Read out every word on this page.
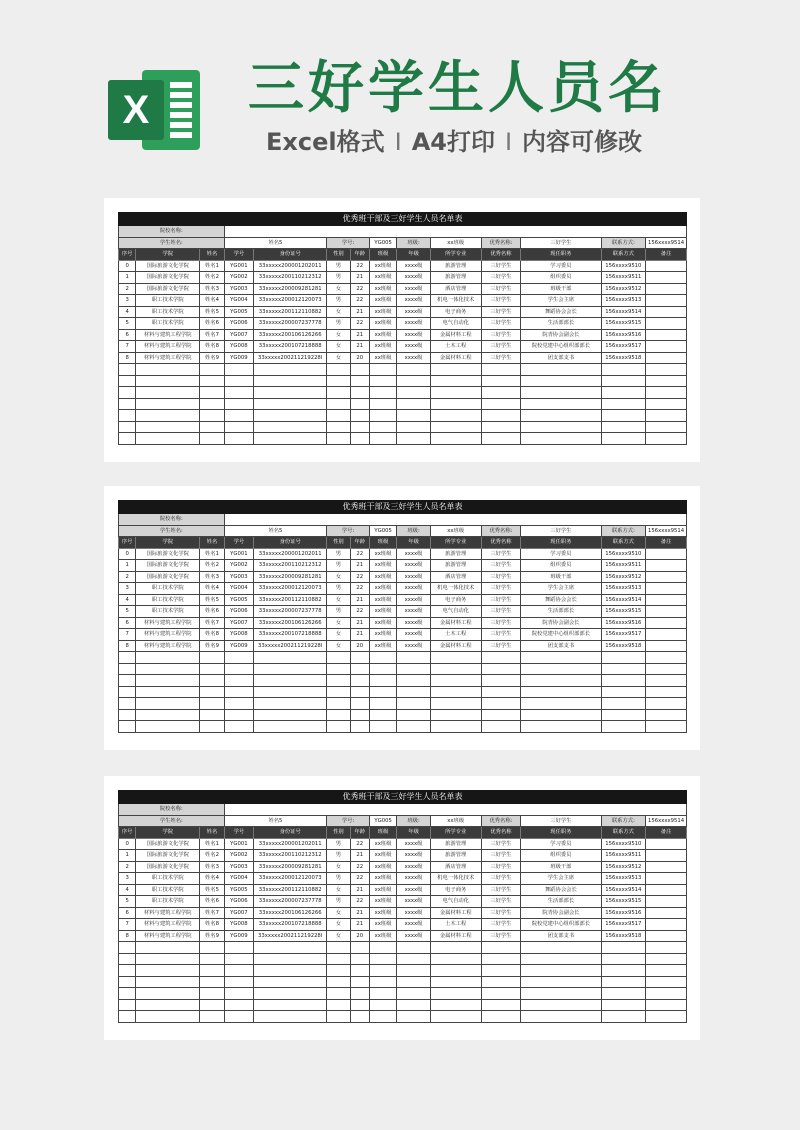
X 三好学生人员名
Excel格式 I A4打印 I 内容可修改
优秀班干部及三好学生人员名单表													
院校名称:													
学生姓名:			姓名5		学号:		YG005	班级:	xx班级	优秀名称:	三好学生	联系方式:	156xxxx9514
序号	学院	姓名	学号	身份证号	性别	年龄	班级	年级	所学专业	优秀名称	现任职务	联系方式	备注
0	国际旅游文化学院	姓名1	YG001	33xxxxx200001202011	男	22	xx班级	xxxx级	旅游管理	三好学生	学习委员	156xxxx9510	
1	国际旅游文化学院	姓名2	YG002	33xxxxx200110212312	男	21	xx班级	xxxx级	旅游管理	三好学生	组织委员	156xxxx9511	
2	国际旅游文化学院	姓名3	YG003	33xxxxx200009281281	女	22	xx班级	xxxx级	酒店管理	三好学生	班级干部	156xxxx9512	
3	职工技术学院	姓名4	YG004	33xxxxx200012120073	男	22	xx班级	xxxx级	机电一体化技术	三好学生	学生会主席	156xxxx9513	
4	职工技术学院	姓名5	YG005	33xxxxx200112110882	女	21	xx班级	xxxx级	电子商务	三好学生	舞蹈协会会长	156xxxx9514	
5	职工技术学院	姓名6	YG006	33xxxxx200007237778	男	22	xx班级	xxxx级	电气自动化	三好学生	生活部部长	156xxxx9515	
6	材料与建筑工程学院	姓名7	YG007	33xxxxx200106126266	女	21	xx班级	xxxx级	金属材料工程	三好学生	院青协会副会长	156xxxx9516	
7	材料与建筑工程学院	姓名8	YG008	33xxxxx200107218888	女	21	xx班级	xxxx级	土木工程	三好学生	院校党建中心组织部部长	156xxxx9517	
8	材料与建筑工程学院	姓名9	YG009	33xxxxx200211219228I	女	20	xx班级	xxxx级	金属材料工程	三好学生	团支部支书	156xxxx9518	

优秀班干部及三好学生人员名单表													
院校名称:													
学生姓名:			姓名5		学号:		YG005	班级:	xx班级	优秀名称:	三好学生	联系方式:	156xxxx9514
序号	学院	姓名	学号	身份证号	性别	年龄	班级	年级	所学专业	优秀名称	现任职务	联系方式	备注
0	国际旅游文化学院	姓名1	YG001	33xxxxx200001202011	男	22	xx班级	xxxx级	旅游管理	三好学生	学习委员	156xxxx9510	
1	国际旅游文化学院	姓名2	YG002	33xxxxx200110212312	男	21	xx班级	xxxx级	旅游管理	三好学生	组织委员	156xxxx9511	
2	国际旅游文化学院	姓名3	YG003	33xxxxx200009281281	女	22	xx班级	xxxx级	酒店管理	三好学生	班级干部	156xxxx9512	
3	职工技术学院	姓名4	YG004	33xxxxx200012120073	男	22	xx班级	xxxx级	机电一体化技术	三好学生	学生会主席	156xxxx9513	
4	职工技术学院	姓名5	YG005	33xxxxx200112110882	女	21	xx班级	xxxx级	电子商务	三好学生	舞蹈协会会长	156xxxx9514	
5	职工技术学院	姓名6	YG006	33xxxxx200007237778	男	22	xx班级	xxxx级	电气自动化	三好学生	生活部部长	156xxxx9515	
6	材料与建筑工程学院	姓名7	YG007	33xxxxx200106126266	女	21	xx班级	xxxx级	金属材料工程	三好学生	院青协会副会长	156xxxx9516	
7	材料与建筑工程学院	姓名8	YG008	33xxxxx200107218888	女	21	xx班级	xxxx级	土木工程	三好学生	院校党建中心组织部部长	156xxxx9517	
8	材料与建筑工程学院	姓名9	YG009	33xxxxx200211219228I	女	20	xx班级	xxxx级	金属材料工程	三好学生	团支部支书	156xxxx9518	

优秀班干部及三好学生人员名单表													
院校名称:													
学生姓名:			姓名5		学号:		YG005	班级:	xx班级	优秀名称:	三好学生	联系方式:	156xxxx9514
序号	学院	姓名	学号	身份证号	性别	年龄	班级	年级	所学专业	优秀名称	现任职务	联系方式	备注
0	国际旅游文化学院	姓名1	YG001	33xxxxx200001202011	男	22	xx班级	xxxx级	旅游管理	三好学生	学习委员	156xxxx9510	
1	国际旅游文化学院	姓名2	YG002	33xxxxx200110212312	男	21	xx班级	xxxx级	旅游管理	三好学生	组织委员	156xxxx9511	
2	国际旅游文化学院	姓名3	YG003	33xxxxx200009281281	女	22	xx班级	xxxx级	酒店管理	三好学生	班级干部	156xxxx9512	
3	职工技术学院	姓名4	YG004	33xxxxx200012120073	男	22	xx班级	xxxx级	机电一体化技术	三好学生	学生会主席	156xxxx9513	
4	职工技术学院	姓名5	YG005	33xxxxx200112110882	女	21	xx班级	xxxx级	电子商务	三好学生	舞蹈协会会长	156xxxx9514	
5	职工技术学院	姓名6	YG006	33xxxxx200007237778	男	22	xx班级	xxxx级	电气自动化	三好学生	生活部部长	156xxxx9515	
6	材料与建筑工程学院	姓名7	YG007	33xxxxx200106126266	女	21	xx班级	xxxx级	金属材料工程	三好学生	院青协会副会长	156xxxx9516	
7	材料与建筑工程学院	姓名8	YG008	33xxxxx200107218888	女	21	xx班级	xxxx级	土木工程	三好学生	院校党建中心组织部部长	156xxxx9517	
8	材料与建筑工程学院	姓名9	YG009	33xxxxx200211219228I	女	20	xx班级	xxxx级	金属材料工程	三好学生	团支部支书	156xxxx9518	
